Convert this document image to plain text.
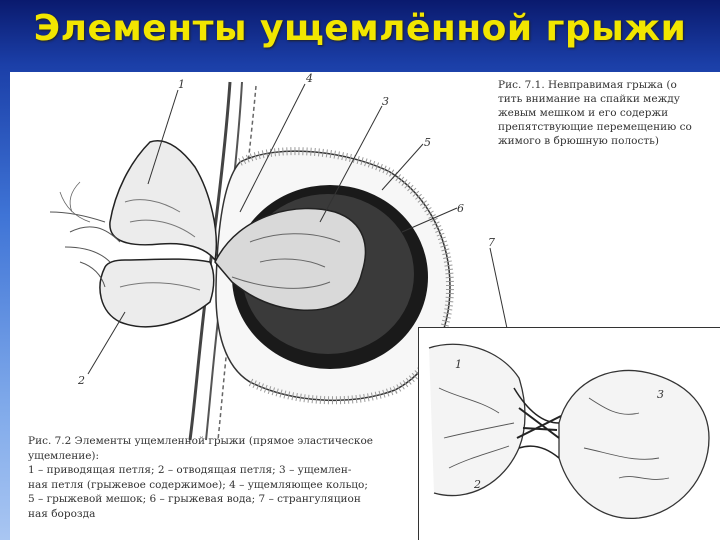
Элементы ущемлённой грыжи
1
2
3
4
5
6
7
Рис. 7.1. Невправимая грыжа (о
тить внимание на спайки между
жевым мешком и его содержи
препятствующие перемещению со
жимого в брюшную полость)
1
2
3
Рис. 7.2 Элементы ущемленной грыжи (прямое эластическое
ущемление):
1 – приводящая петля; 2 – отводящая петля; 3 – ущемлен-
ная петля (грыжевое содержимое); 4 – ущемляющее кольцо;
5 – грыжевой мешок; 6 – грыжевая вода; 7 – странгуляцион
ная борозда
